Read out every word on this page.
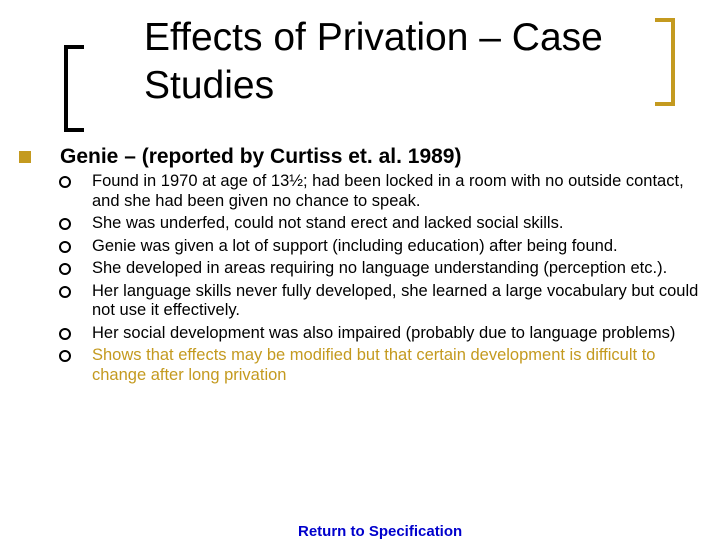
Effects of Privation – Case Studies
Genie – (reported by Curtiss et. al. 1989)
Found in 1970 at age of 13½; had been locked in a room with no outside contact, and she had been given no chance to speak.
She was underfed, could not stand erect and lacked social skills.
Genie was given a lot of support (including education) after being found.
She developed in areas requiring no language understanding (perception etc.).
Her language skills never fully developed, she learned a large vocabulary but could not use it effectively.
Her social development was also impaired (probably due to language problems)
Shows that effects may be modified but that certain development is difficult to change after long privation
Return to Specification
